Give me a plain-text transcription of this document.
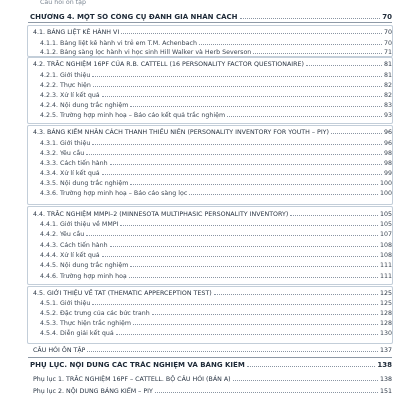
Câu hỏi ôn tập
CHƯƠNG 4. MỘT SỐ CÔNG CỤ ĐÁNH GIÁ NHÂN CÁCH	70
4.1. BẢNG LIỆT KÊ HÀNH VI	70
4.1.1. Bảng liệt kê hành vi trẻ em T.M. Achenbach	70
4.1.2. Bảng sàng lọc hành vi học sinh Hill Walker và Herb Severson	71
4.2. TRẮC NGHIỆM 16PF CỦA R.B. CATTELL (16 PERSONALITY FACTOR QUESTIONAIRE)	81
4.2.1. Giới thiệu	81
4.2.2. Thực hiện	82
4.2.3. Xử lí kết quả	82
4.2.4. Nội dung trắc nghiệm	83
4.2.5. Trường hợp minh hoạ – Báo cáo kết quả trắc nghiệm	93
4.3. BẢNG KIỂM NHÂN CÁCH THANH THIẾU NIÊN (PERSONALITY INVENTORY FOR YOUTH – PIY)	96
4.3.1. Giới thiệu	96
4.3.2. Yêu cầu	98
4.3.3. Cách tiến hành	98
4.3.4. Xử lí kết quả	99
4.3.5. Nội dung trắc nghiệm	100
4.3.6. Trường hợp minh hoạ – Báo cáo sàng lọc	100
4.4. TRẮC NGHIỆM MMPI–2 (MINNESOTA MULTIPHASIC PERSONALITY INVENTORY)	105
4.4.1. Giới thiệu về MMPI	105
4.4.2. Yêu cầu	107
4.4.3. Cách tiến hành	108
4.4.4. Xử lí kết quả	108
4.4.5. Nội dung trắc nghiệm	111
4.4.6. Trường hợp minh hoạ	111
4.5. GIỚI THIỆU VỀ TAT (THEMATIC APPERCEPTION TEST)	125
4.5.1. Giới thiệu	125
4.5.2. Đặc trưng của các bức tranh	128
4.5.3. Thực hiện trắc nghiệm	128
4.5.4. Diễn giải kết quả	130
CÂU HỎI ÔN TẬP	137
PHỤ LỤC. NỘI DUNG CÁC TRẮC NGHIỆM VÀ BẢNG KIỂM	138
Phụ lục 1. TRẮC NGHIỆM 16PF – CATTELL. BỘ CÂU HỎI (BẢN A)	138
Phụ lục 2. NỘI DUNG BẢNG KIỂM – PIY	151
